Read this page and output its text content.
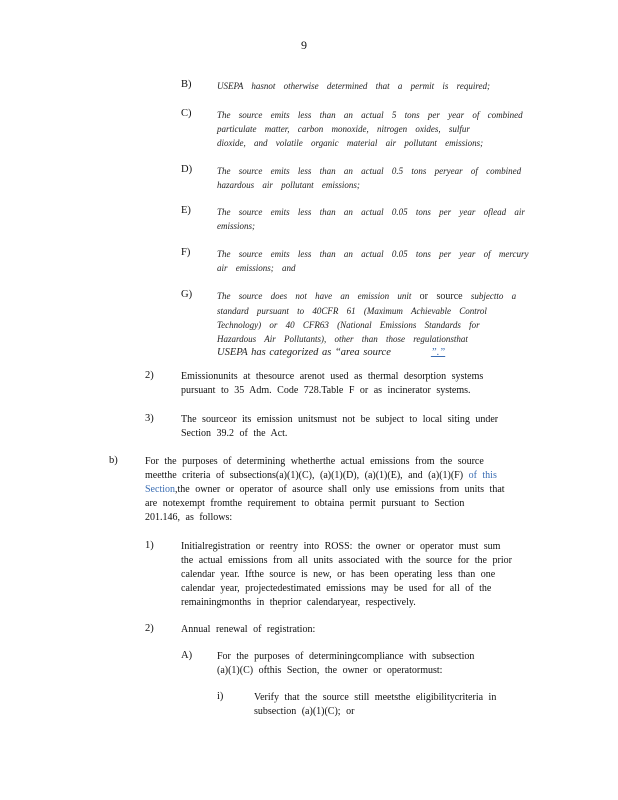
9
B)	USEPA hasnot otherwise determined that a permit is required;
C)	The source emits less than an actual 5 tons per year of combined
particulate matter, carbon monoxide, nitrogen oxides, sulfur
dioxide, and volatile organic material air pollutant emissions;
D)	The source emits less than an actual 0.5 tons peryear of combined
hazardous air pollutant emissions;
E)	The source emits less than an actual 0.05 tons per year oflead air
emissions;
F)	The source emits less than an actual 0.05 tons per year of mercury
air emissions; and
G)	The source does not have an emission unit or source subjectto a
standard pursuant to 40CFR 61 (Maximum Achievable Control
Technology) or 40 CFR63 (National Emissions Standards for
Hazardous Air Pollutants), other than those regulationsthat
USEPA has categorized as “area source	”.”
2)	Emissionunits at thesource arenot used as thermal desorption systems
pursuant to 35 Adm. Code 728.Table F or as incinerator systems.
3)	The sourceor its emission unitsmust not be subject to local siting under
Section 39.2 of the Act.
b)	For the purposes of determining whetherthe actual emissions from the source
meetthe criteria of subsections(a)(1)(C), (a)(1)(D), (a)(1)(E), and (a)(1)(F) of this
Section,the owner or operator of asource shall only use emissions from units that
are notexempt fromthe requirement to obtaina permit pursuant to Section
201.146, as follows:
1)	Initialregistration or reentry into ROSS: the owner or operator must sum
the actual emissions from all units associated with the source for the prior
calendar year. Ifthe source is new, or has been operating less than one
calendar year, projectedestimated emissions may be used for all of the
remainingmonths in theprior calendaryear, respectively.
2)	Annual renewal of registration:
A) For the purposes of determiningcompliance with subsection
(a)(1)(C) ofthis Section, the owner or operatormust:
i)	Verify that the source still meetsthe eligibilitycriteria in
subsection (a)(1)(C); or
